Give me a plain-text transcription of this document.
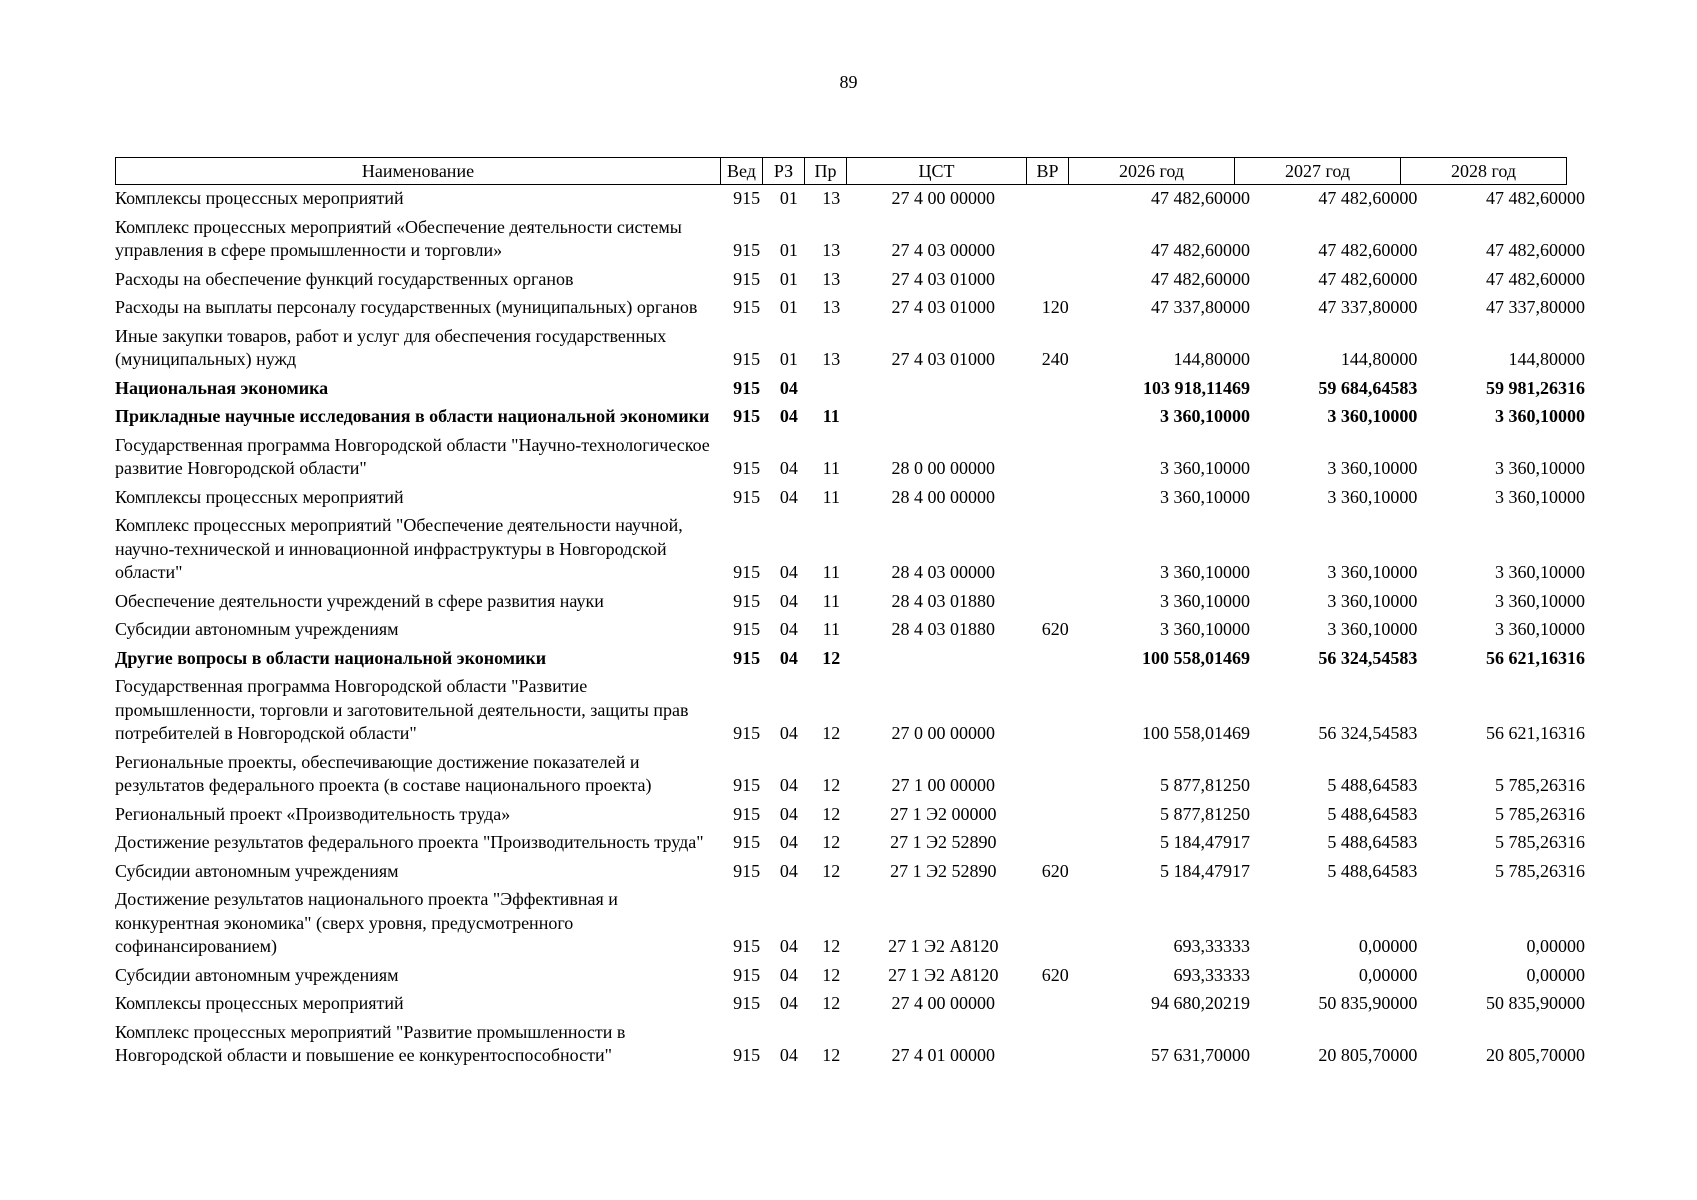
89
Наименование	Вед	РЗ	Пр	ЦСТ	ВР	2026 год	2027 год	2028 год
Комплексы процессных мероприятий	915	01	13	27 4 00 00000		47 482,60000	47 482,60000	47 482,60000
Комплекс процессных мероприятий «Обеспечение деятельности системы управления в сфере промышленности и торговли»	915	01	13	27 4 03 00000		47 482,60000	47 482,60000	47 482,60000
Расходы на обеспечение функций государственных органов	915	01	13	27 4 03 01000		47 482,60000	47 482,60000	47 482,60000
Расходы на выплаты персоналу государственных (муниципальных) органов	915	01	13	27 4 03 01000	120	47 337,80000	47 337,80000	47 337,80000
Иные закупки товаров, работ и услуг для обеспечения государственных (муниципальных) нужд	915	01	13	27 4 03 01000	240	144,80000	144,80000	144,80000
Национальная экономика	915	04				103 918,11469	59 684,64583	59 981,26316
Прикладные научные исследования в области национальной экономики	915	04	11			3 360,10000	3 360,10000	3 360,10000
Государственная программа Новгородской области "Научно-технологическое развитие Новгородской области"	915	04	11	28 0 00 00000		3 360,10000	3 360,10000	3 360,10000
Комплексы процессных мероприятий	915	04	11	28 4 00 00000		3 360,10000	3 360,10000	3 360,10000
Комплекс процессных мероприятий "Обеспечение деятельности научной, научно-технической и инновационной инфраструктуры в Новгородской области"	915	04	11	28 4 03 00000		3 360,10000	3 360,10000	3 360,10000
Обеспечение деятельности учреждений в сфере развития науки	915	04	11	28 4 03 01880		3 360,10000	3 360,10000	3 360,10000
Субсидии автономным учреждениям	915	04	11	28 4 03 01880	620	3 360,10000	3 360,10000	3 360,10000
Другие вопросы в области национальной экономики	915	04	12			100 558,01469	56 324,54583	56 621,16316
Государственная программа Новгородской области "Развитие промышленности, торговли и заготовительной деятельности, защиты прав потребителей в Новгородской области"	915	04	12	27 0 00 00000		100 558,01469	56 324,54583	56 621,16316
Региональные проекты, обеспечивающие достижение показателей и результатов федерального проекта (в составе национального проекта)	915	04	12	27 1 00 00000		5 877,81250	5 488,64583	5 785,26316
Региональный проект «Производительность труда»	915	04	12	27 1 Э2 00000		5 877,81250	5 488,64583	5 785,26316
Достижение результатов федерального проекта "Производительность труда"	915	04	12	27 1 Э2 52890		5 184,47917	5 488,64583	5 785,26316
Субсидии автономным учреждениям	915	04	12	27 1 Э2 52890	620	5 184,47917	5 488,64583	5 785,26316
Достижение результатов национального проекта "Эффективная и конкурентная экономика" (сверх уровня, предусмотренного софинансированием)	915	04	12	27 1 Э2 А8120		693,33333	0,00000	0,00000
Субсидии автономным учреждениям	915	04	12	27 1 Э2 А8120	620	693,33333	0,00000	0,00000
Комплексы процессных мероприятий	915	04	12	27 4 00 00000		94 680,20219	50 835,90000	50 835,90000
Комплекс процессных мероприятий "Развитие промышленности в Новгородской области и повышение ее конкурентоспособности"	915	04	12	27 4 01 00000		57 631,70000	20 805,70000	20 805,70000
